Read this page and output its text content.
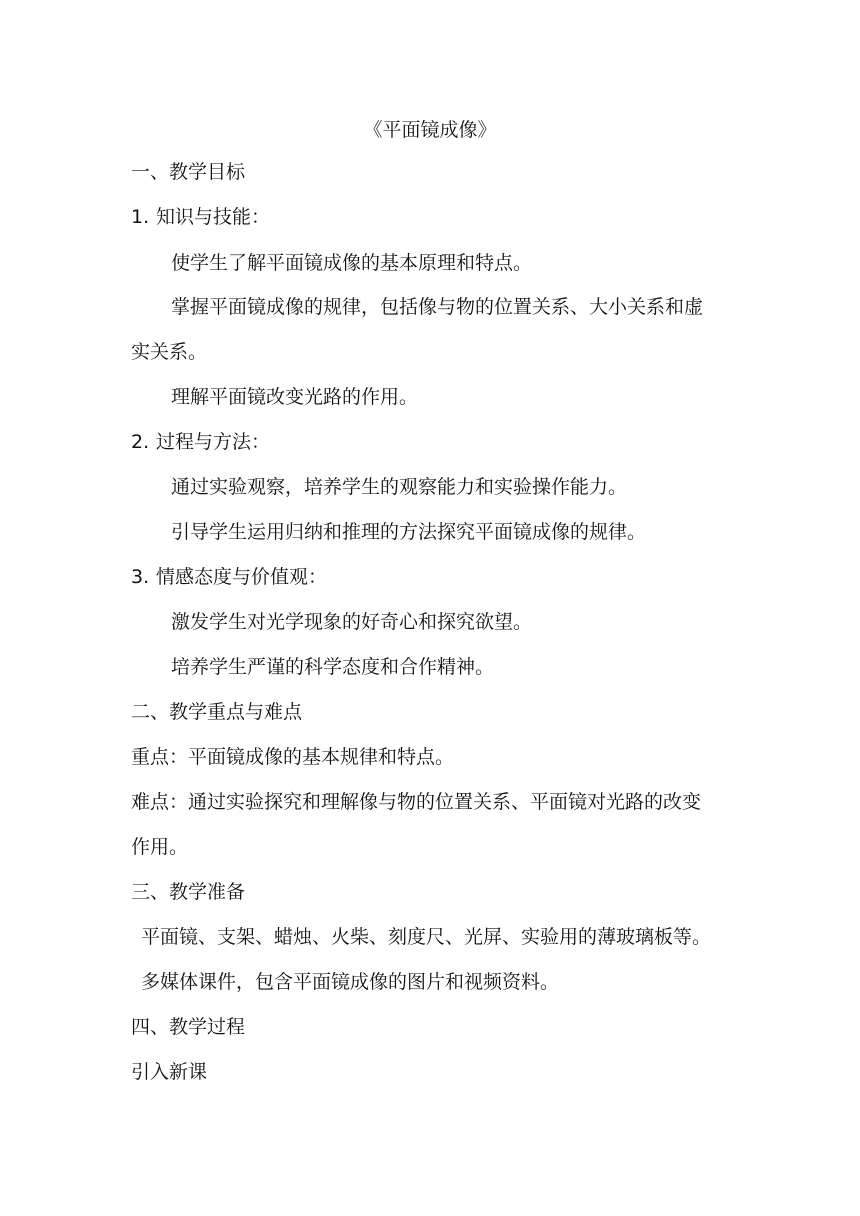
《平面镜成像》
一、教学目标
1. 知识与技能：
使学生了解平面镜成像的基本原理和特点。
掌握平面镜成像的规律，包括像与物的位置关系、大小关系和虚
实关系。
理解平面镜改变光路的作用。
2. 过程与方法：
通过实验观察，培养学生的观察能力和实验操作能力。
引导学生运用归纳和推理的方法探究平面镜成像的规律。
3. 情感态度与价值观：
激发学生对光学现象的好奇心和探究欲望。
培养学生严谨的科学态度和合作精神。
二、教学重点与难点
重点：平面镜成像的基本规律和特点。
难点：通过实验探究和理解像与物的位置关系、平面镜对光路的改变
作用。
三、教学准备
平面镜、支架、蜡烛、火柴、刻度尺、光屏、实验用的薄玻璃板等。
多媒体课件，包含平面镜成像的图片和视频资料。
四、教学过程
引入新课
